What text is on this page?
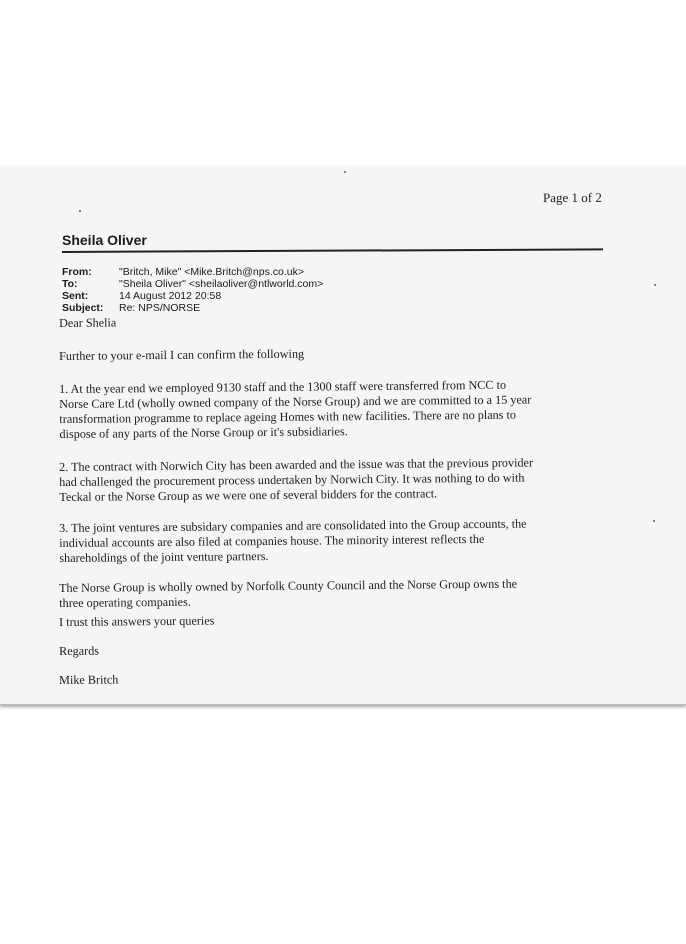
Page 1 of 2
Sheila Oliver
From:	"Britch, Mike" <Mike.Britch@nps.co.uk>
To:	"Sheila Oliver" <sheilaoliver@ntlworld.com>
Sent:	14 August 2012 20:58
Subject: Re: NPS/NORSE
Dear Shelia
Further to your e-mail I can confirm the following
1. At the year end we employed 9130 staff and the 1300 staff were transferred from NCC to
Norse Care Ltd (wholly owned company of the Norse Group) and we are committed to a 15 year
transformation programme to replace ageing Homes with new facilities. There are no plans to
dispose of any parts of the Norse Group or it's subsidiaries.
2. The contract with Norwich City has been awarded and the issue was that the previous provider
had challenged the procurement process undertaken by Norwich City. It was nothing to do with
Teckal or the Norse Group as we were one of several bidders for the contract.
3. The joint ventures are subsidary companies and are consolidated into the Group accounts, the
individual accounts are also filed at companies house. The minority interest reflects the
shareholdings of the joint venture partners.
The Norse Group is wholly owned by Norfolk County Council and the Norse Group owns the
three operating companies.
I trust this answers your queries
Regards
Mike Britch
